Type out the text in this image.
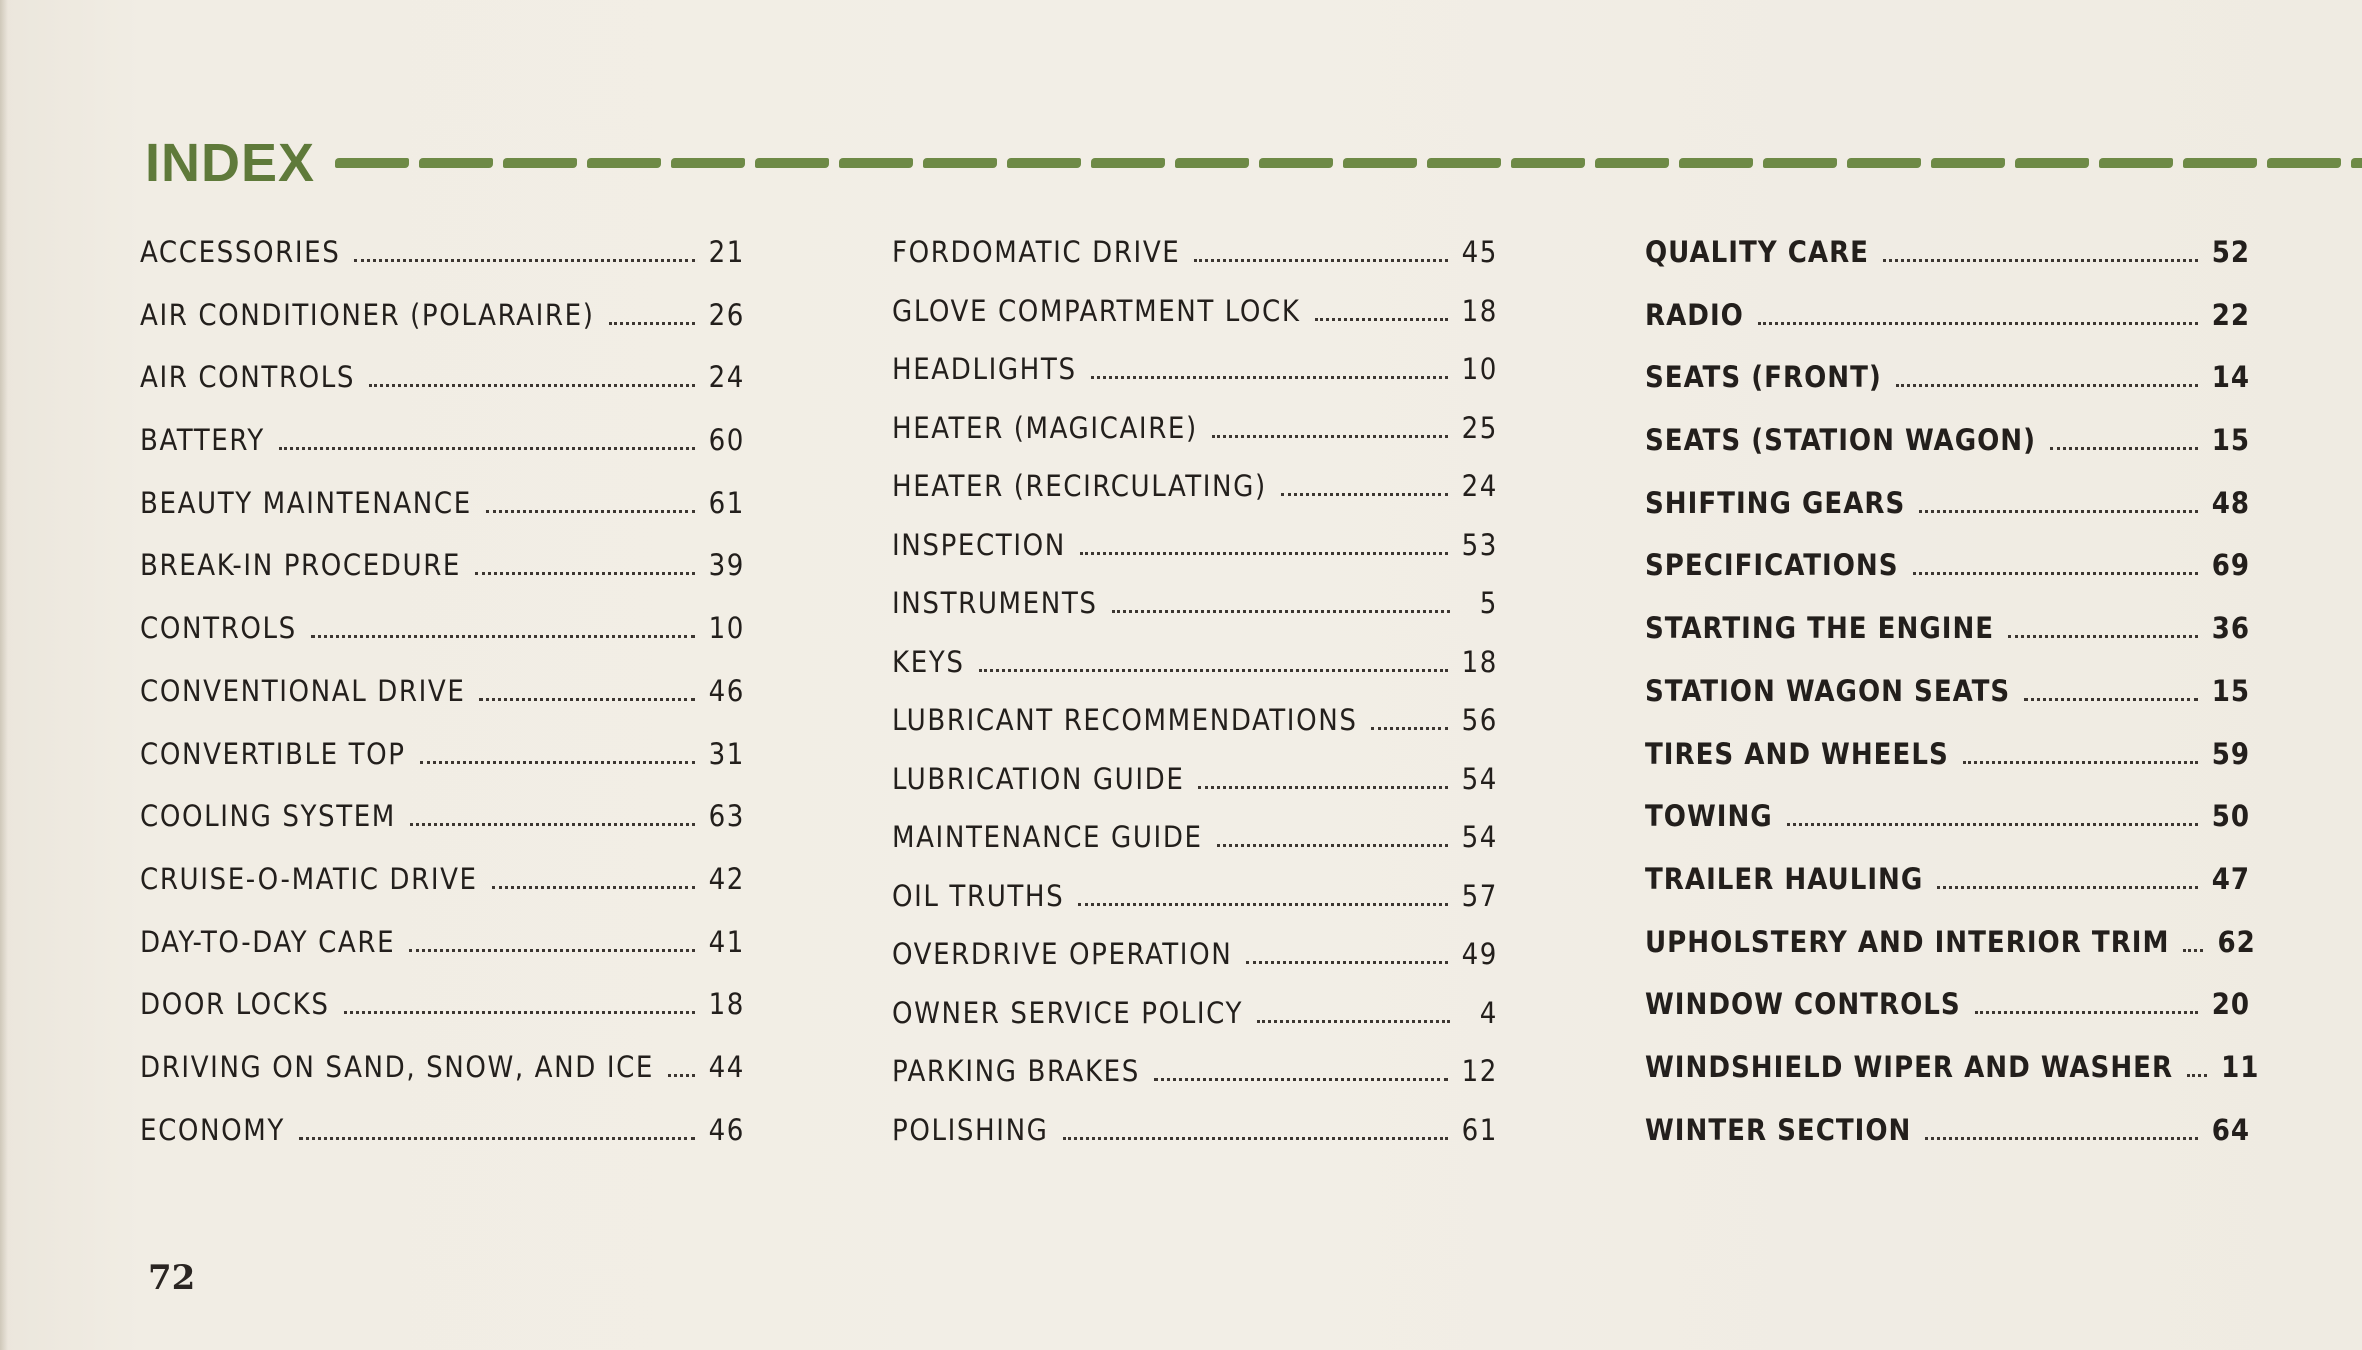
INDEX
ACCESSORIES	21
AIR CONDITIONER (POLARAIRE)	26
AIR CONTROLS	24
BATTERY	60
BEAUTY MAINTENANCE	61
BREAK-IN PROCEDURE	39
CONTROLS	10
CONVENTIONAL DRIVE	46
CONVERTIBLE TOP	31
COOLING SYSTEM	63
CRUISE-O-MATIC DRIVE	42
DAY-TO-DAY CARE	41
DOOR LOCKS	18
DRIVING ON SAND, SNOW, AND ICE	44
ECONOMY	46
FORDOMATIC DRIVE	45
GLOVE COMPARTMENT LOCK	18
HEADLIGHTS	10
HEATER (MAGICAIRE)	25
HEATER (RECIRCULATING)	24
INSPECTION	53
INSTRUMENTS	5
KEYS	18
LUBRICANT RECOMMENDATIONS	56
LUBRICATION GUIDE	54
MAINTENANCE GUIDE	54
OIL TRUTHS	57
OVERDRIVE OPERATION	49
OWNER SERVICE POLICY	4
PARKING BRAKES	12
POLISHING	61
QUALITY CARE	52
RADIO	22
SEATS (FRONT)	14
SEATS (STATION WAGON)	15
SHIFTING GEARS	48
SPECIFICATIONS	69
STARTING THE ENGINE	36
STATION WAGON SEATS	15
TIRES AND WHEELS	59
TOWING	50
TRAILER HAULING	47
UPHOLSTERY AND INTERIOR TRIM	62
WINDOW CONTROLS	20
WINDSHIELD WIPER AND WASHER	11
WINTER SECTION	64
72
